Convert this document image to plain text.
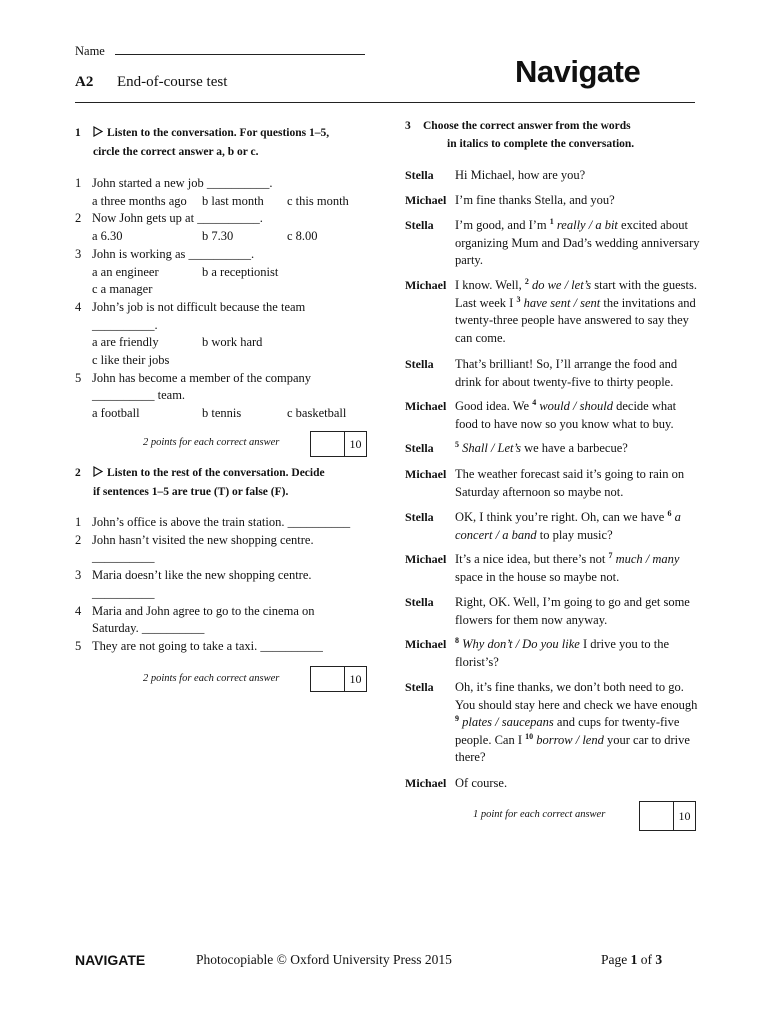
Name
A2 End-of-course test	Navigate
1 Listen to the conversation. For questions 1–5,
circle the correct answer a, b or c.
1 John started a new job __________.
a three months ago b last month c this month
2 Now John gets up at __________.
a 6.30	b 7.30	c 8.00
3 John is working as __________.
a an engineer	b a receptionist
c a manager
4 John’s job is not difficult because the team
__________.
a are friendly	b work hard
c like their jobs
5 John has become a member of the company
__________ team.
a football	b tennis	c basketball
2 points for each correct answer	10
2 Listen to the rest of the conversation. Decide
if sentences 1–5 are true (T) or false (F).
1 John’s office is above the train station. __________
2 John hasn’t visited the new shopping centre.
__________
3 Maria doesn’t like the new shopping centre.
__________
4 Maria and John agree to go to the cinema on
Saturday. __________
5 They are not going to take a taxi. __________
2 points for each correct answer	10
3 Choose the correct answer from the words
in italics to complete the conversation.
Stella Hi Michael, how are you?
Michael I’m fine thanks Stella, and you?
Stella I’m good, and I’m $^1$ really / a bit excited about organizing Mum and Dad’s wedding anniversary party.
Michael I know. Well, $^2$ do we / let’s start with the guests. Last week I $^3$ have sent / sent the invitations and twenty-three people have answered to say they can come.
Stella That’s brilliant! So, I’ll arrange the food and drink for about twenty-five to thirty people.
Michael Good idea. We $^4$ would / should decide what food to have now so you know what to buy.
Stella	$^5$ Shall / Let’s we have a barbecue?
Michael The weather forecast said it’s going to rain on Saturday afternoon so maybe not.
Stella OK, I think you’re right. Oh, can we have $^6$ a concert / a band to play music?
Michael It’s a nice idea, but there’s not $^7$ much / many space in the house so maybe not.
Stella Right, OK. Well, I’m going to go and get some flowers for them now anyway.
Michael $^8$ Why don’t / Do you like I drive you to the florist’s?
Stella Oh, it’s fine thanks, we don’t both need to go. You should stay here and check we have enough $^9$ plates / saucepans and cups for twenty-five people. Can I $^{10}$ borrow / lend your car to drive there?
Michael Of course.
1 point for each correct answer	10
NAVIGATE	Photocopiable © Oxford University Press 2015	Page 1 of 3
